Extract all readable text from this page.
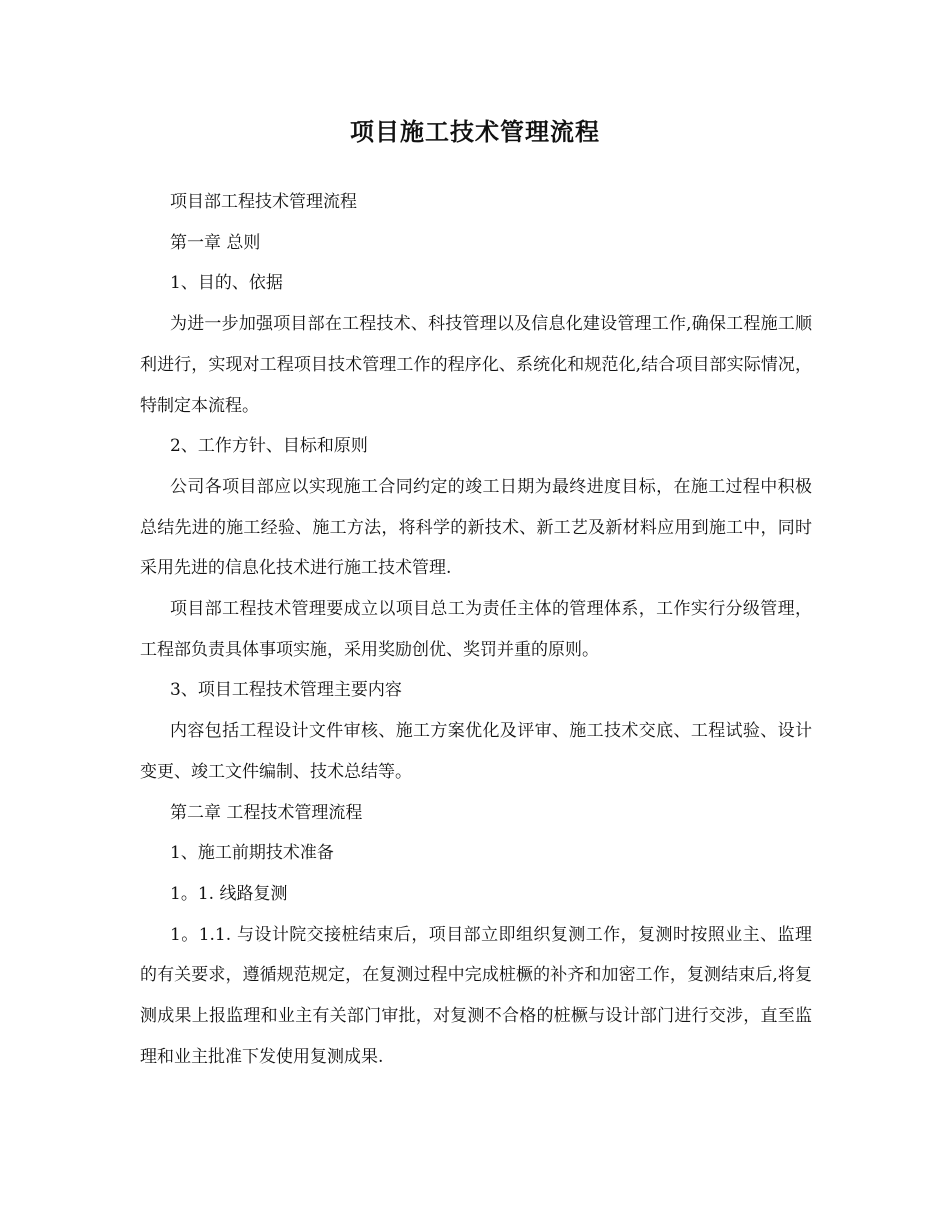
项目施工技术管理流程

项目部工程技术管理流程

第一章 总则

1、目的、依据

为进一步加强项目部在工程技术、科技管理以及信息化建设管理工作,确保工程施工顺利进行，实现对工程项目技术管理工作的程序化、系统化和规范化,结合项目部实际情况，特制定本流程。

2、工作方针、目标和原则

公司各项目部应以实现施工合同约定的竣工日期为最终进度目标，在施工过程中积极总结先进的施工经验、施工方法，将科学的新技术、新工艺及新材料应用到施工中，同时采用先进的信息化技术进行施工技术管理.

项目部工程技术管理要成立以项目总工为责任主体的管理体系，工作实行分级管理，工程部负责具体事项实施，采用奖励创优、奖罚并重的原则。

3、项目工程技术管理主要内容

内容包括工程设计文件审核、施工方案优化及评审、施工技术交底、工程试验、设计变更、竣工文件编制、技术总结等。

第二章 工程技术管理流程

1、施工前期技术准备

1。1. 线路复测

1。1.1. 与设计院交接桩结束后，项目部立即组织复测工作，复测时按照业主、监理的有关要求，遵循规范规定，在复测过程中完成桩橛的补齐和加密工作，复测结束后,将复测成果上报监理和业主有关部门审批，对复测不合格的桩橛与设计部门进行交涉，直至监理和业主批准下发使用复测成果.
